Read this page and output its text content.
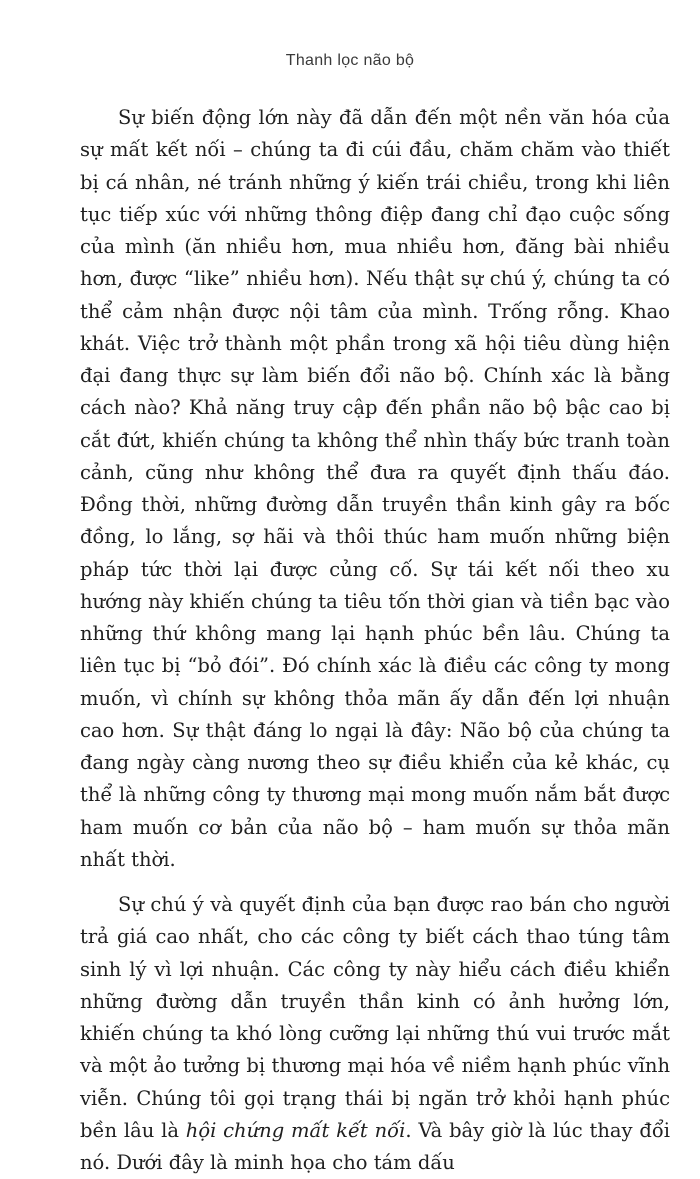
Thanh lọc não bộ

Sự biến động lớn này đã dẫn đến một nền văn hóa của sự mất kết nối – chúng ta đi cúi đầu, chăm chăm vào thiết bị cá nhân, né tránh những ý kiến trái chiều, trong khi liên tục tiếp xúc với những thông điệp đang chỉ đạo cuộc sống của mình (ăn nhiều hơn, mua nhiều hơn, đăng bài nhiều hơn, được “like” nhiều hơn). Nếu thật sự chú ý, chúng ta có thể cảm nhận được nội tâm của mình. Trống rỗng. Khao khát. Việc trở thành một phần trong xã hội tiêu dùng hiện đại đang thực sự làm biến đổi não bộ. Chính xác là bằng cách nào? Khả năng truy cập đến phần não bộ bậc cao bị cắt đứt, khiến chúng ta không thể nhìn thấy bức tranh toàn cảnh, cũng như không thể đưa ra quyết định thấu đáo. Đồng thời, những đường dẫn truyền thần kinh gây ra bốc đồng, lo lắng, sợ hãi và thôi thúc ham muốn những biện pháp tức thời lại được củng cố. Sự tái kết nối theo xu hướng này khiến chúng ta tiêu tốn thời gian và tiền bạc vào những thứ không mang lại hạnh phúc bền lâu. Chúng ta liên tục bị “bỏ đói”. Đó chính xác là điều các công ty mong muốn, vì chính sự không thỏa mãn ấy dẫn đến lợi nhuận cao hơn. Sự thật đáng lo ngại là đây: Não bộ của chúng ta đang ngày càng nương theo sự điều khiển của kẻ khác, cụ thể là những công ty thương mại mong muốn nắm bắt được ham muốn cơ bản của não bộ – ham muốn sự thỏa mãn nhất thời.

Sự chú ý và quyết định của bạn được rao bán cho người trả giá cao nhất, cho các công ty biết cách thao túng tâm sinh lý vì lợi nhuận. Các công ty này hiểu cách điều khiển những đường dẫn truyền thần kinh có ảnh hưởng lớn, khiến chúng ta khó lòng cưỡng lại những thú vui trước mắt và một ảo tưởng bị thương mại hóa về niềm hạnh phúc vĩnh viễn. Chúng tôi gọi trạng thái bị ngăn trở khỏi hạnh phúc bền lâu là hội chứng mất kết nối. Và bây giờ là lúc thay đổi nó. Dưới đây là minh họa cho tám dấu
